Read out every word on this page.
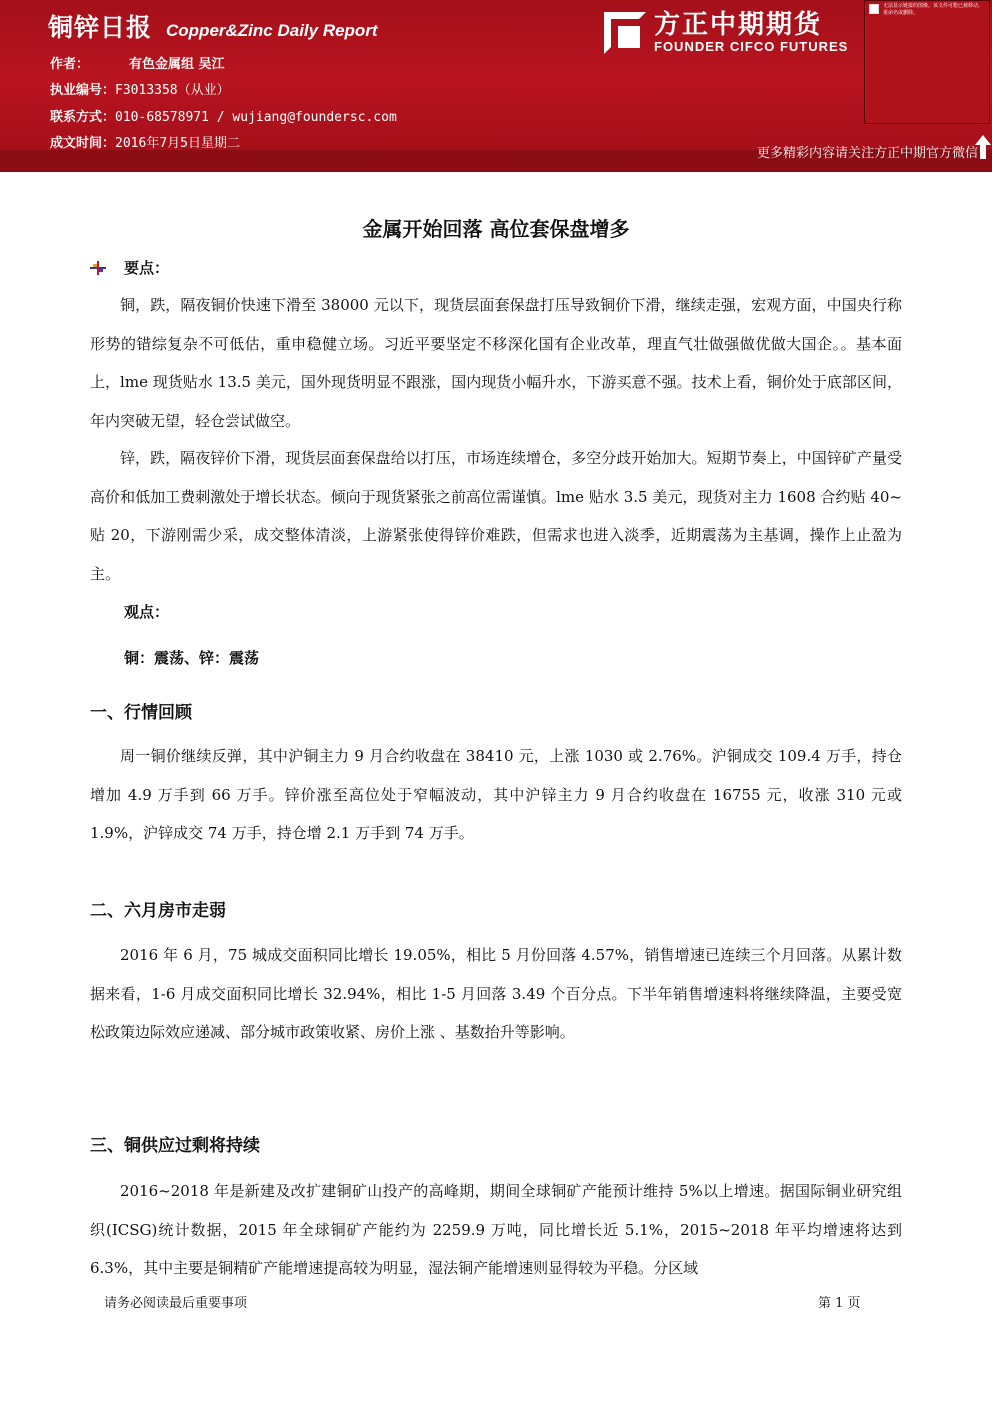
铜锌日报 Copper&Zinc Daily Report
作者：	有色金属组 吴江
执业编号：F3013358（从业）
联系方式：010-68578971 / wujiang@foundersc.com
成文时间：2016年7月5日星期二
方正中期期货
FOUNDER CIFCO FUTURES
无法显示链接的图像。该文件可能已被移动、重命名或删除。
更多精彩内容请关注方正中期官方微信
金属开始回落 高位套保盘增多
要点：

铜，跌，隔夜铜价快速下滑至 38000 元以下，现货层面套保盘打压导致铜价下滑，继续走强，宏观方面，中国央行称形势的错综复杂不可低估，重申稳健立场。习近平要坚定不移深化国有企业改革，理直气壮做强做优做大国企。。基本面上，lme 现货贴水 13.5 美元，国外现货明显不跟涨，国内现货小幅升水，下游买意不强。技术上看，铜价处于底部区间，年内突破无望，轻仓尝试做空。

锌，跌，隔夜锌价下滑，现货层面套保盘给以打压，市场连续增仓，多空分歧开始加大。短期节奏上，中国锌矿产量受高价和低加工费刺激处于增长状态。倾向于现货紧张之前高位需谨慎。lme 贴水 3.5 美元，现货对主力 1608 合约贴 40~贴 20，下游刚需少采，成交整体清淡，上游紧张使得锌价难跌，但需求也进入淡季，近期震荡为主基调，操作上止盈为主。

观点：
铜：震荡、锌：震荡
一、行情回顾

周一铜价继续反弹，其中沪铜主力 9 月合约收盘在 38410 元，上涨 1030 或 2.76%。沪铜成交 109.4 万手，持仓增加 4.9 万手到 66 万手。锌价涨至高位处于窄幅波动，其中沪锌主力 9 月合约收盘在 16755 元，收涨 310 元或 1.9%，沪锌成交 74 万手，持仓增 2.1 万手到 74 万手。

二、六月房市走弱

2016 年 6 月，75 城成交面积同比增长 19.05%，相比 5 月份回落 4.57%，销售增速已连续三个月回落。从累计数据来看，1-6 月成交面积同比增长 32.94%，相比 1-5 月回落 3.49 个百分点。下半年销售增速料将继续降温，主要受宽松政策边际效应递减、部分城市政策收紧、房价上涨 、基数抬升等影响。

三、铜供应过剩将持续

2016~2018 年是新建及改扩建铜矿山投产的高峰期，期间全球铜矿产能预计维持 5%以上增速。据国际铜业研究组织(ICSG)统计数据，2015 年全球铜矿产能约为 2259.9 万吨，同比增长近 5.1%，2015~2018 年平均增速将达到 6.3%，其中主要是铜精矿产能增速提高较为明显，湿法铜产能增速则显得较为平稳。分区域

请务必阅读最后重要事项	第 1 页
